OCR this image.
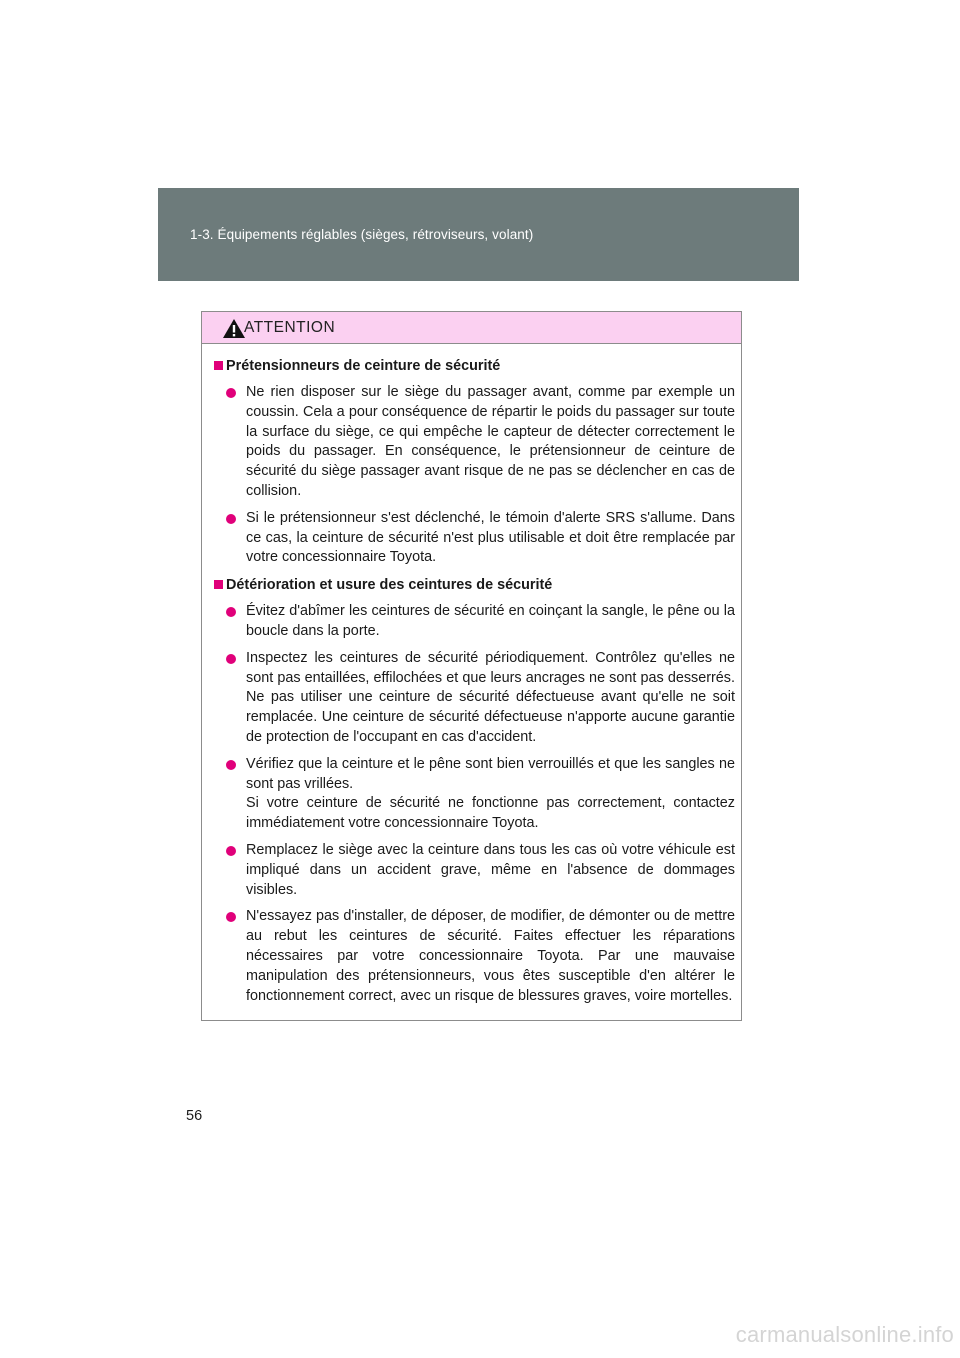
1-3. Équipements réglables (sièges, rétroviseurs, volant)
ATTENTION
Prétensionneurs de ceinture de sécurité

Ne rien disposer sur le siège du passager avant, comme par exemple un coussin. Cela a pour conséquence de répartir le poids du passager sur toute la surface du siège, ce qui empêche le capteur de détecter correctement le poids du passager. En conséquence, le prétensionneur de ceinture de sécurité du siège passager avant risque de ne pas se déclencher en cas de collision.

Si le prétensionneur s'est déclenché, le témoin d'alerte SRS s'allume. Dans ce cas, la ceinture de sécurité n'est plus utilisable et doit être remplacée par votre concessionnaire Toyota.

Détérioration et usure des ceintures de sécurité

Évitez d'abîmer les ceintures de sécurité en coinçant la sangle, le pêne ou la boucle dans la porte.

Inspectez les ceintures de sécurité périodiquement. Contrôlez qu'elles ne sont pas entaillées, effilochées et que leurs ancrages ne sont pas desserrés. Ne pas utiliser une ceinture de sécurité défectueuse avant qu'elle ne soit remplacée. Une ceinture de sécurité défectueuse n'apporte aucune garantie de protection de l'occupant en cas d'accident.

Vérifiez que la ceinture et le pêne sont bien verrouillés et que les sangles ne sont pas vrillées.

Si votre ceinture de sécurité ne fonctionne pas correctement, contactez immédiatement votre concessionnaire Toyota.

Remplacez le siège avec la ceinture dans tous les cas où votre véhicule est impliqué dans un accident grave, même en l'absence de dommages visibles.

N'essayez pas d'installer, de déposer, de modifier, de démonter ou de mettre au rebut les ceintures de sécurité. Faites effectuer les réparations nécessaires par votre concessionnaire Toyota. Par une mauvaise manipulation des prétensionneurs, vous êtes susceptible d'en altérer le fonctionnement correct, avec un risque de blessures graves, voire mortelles.

56
carmanualsonline.info
